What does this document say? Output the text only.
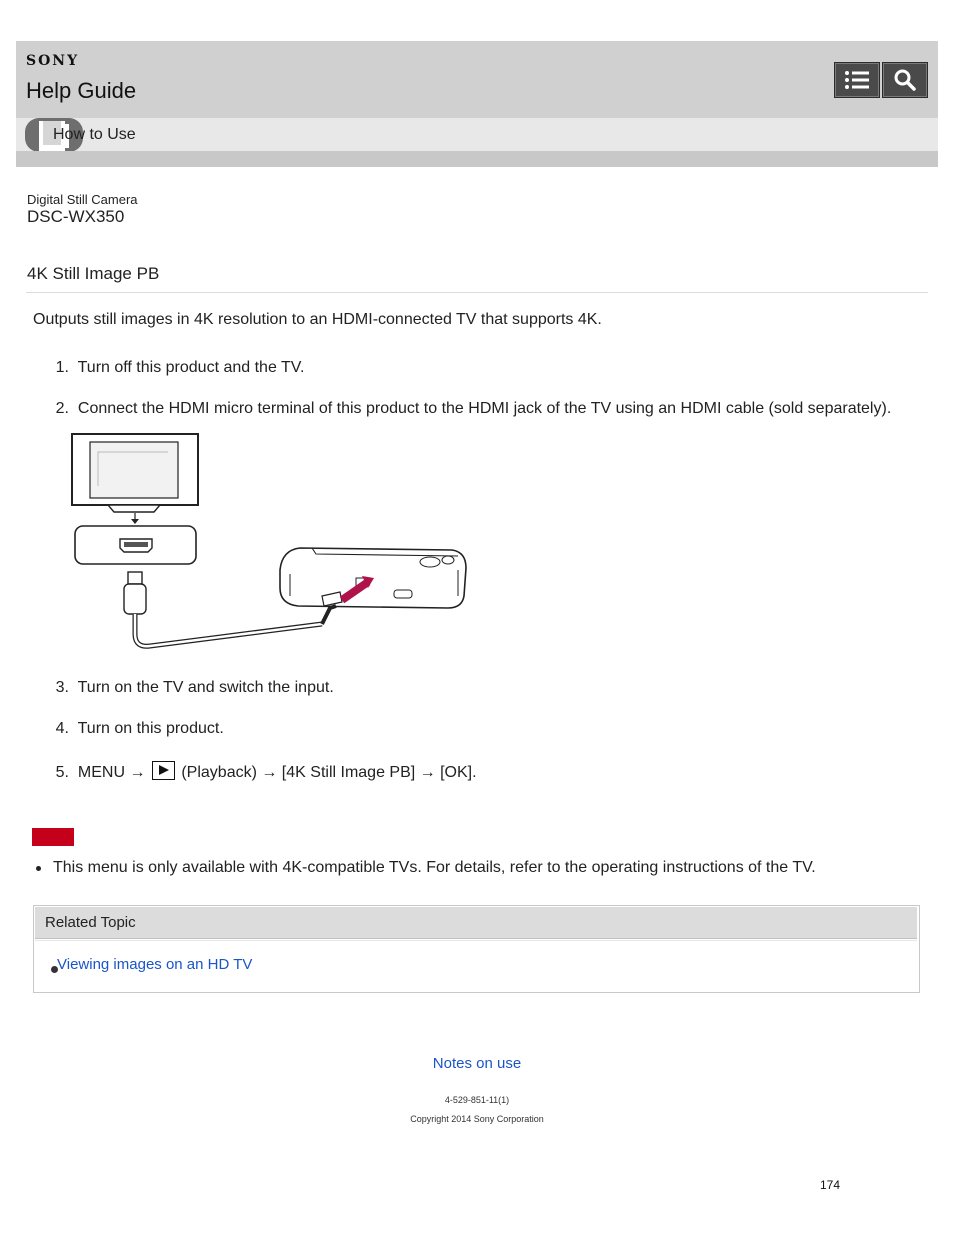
SONY
Help Guide
How to Use
Digital Still Camera
DSC-WX350
4K Still Image PB
Outputs still images in 4K resolution to an HDMI-connected TV that supports 4K.
1. Turn off this product and the TV.
2. Connect the HDMI micro terminal of this product to the HDMI jack of the TV using an HDMI cable (sold separately).
3. Turn on the TV and switch the input.
4. Turn on this product.
5. MENU →  (Playback) → [4K Still Image PB] → [OK].
This menu is only available with 4K-compatible TVs. For details, refer to the operating instructions of the TV.
Related Topic
Viewing images on an HD TV
Notes on use
4-529-851-11(1)
Copyright 2014 Sony Corporation
174
